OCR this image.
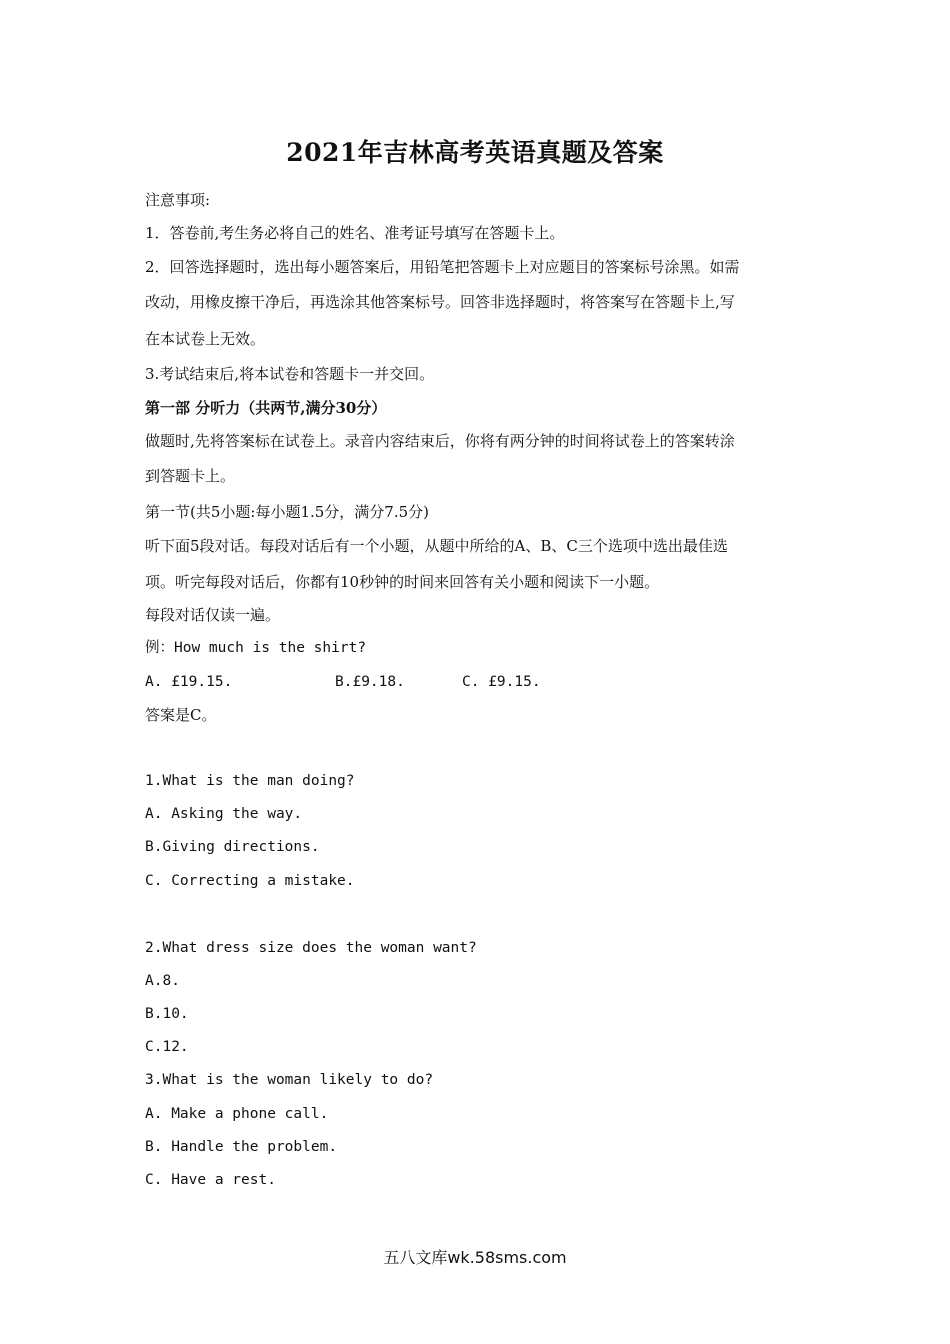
2021年吉林高考英语真题及答案
注意事项:
1．答卷前,考生务必将自己的姓名、准考证号填写在答题卡上。
2．回答选择题时，选出每小题答案后，用铅笔把答题卡上对应题目的答案标号涂黑。如需
改动，用橡皮擦干净后，再选涂其他答案标号。回答非选择题时，将答案写在答题卡上,写
在本试卷上无效。
3.考试结束后,将本试卷和答题卡一并交回。
第一部 分听力（共两节,满分30分）
做题时,先将答案标在试卷上。录音内容结束后，你将有两分钟的时间将试卷上的答案转涂
到答题卡上。
第一节(共5小题:每小题1.5分，满分7.5分)
听下面5段对话。每段对话后有一个小题，从题中所给的A、B、C三个选项中选出最佳选
项。听完每段对话后，你都有10秒钟的时间来回答有关小题和阅读下一小题。
每段对话仅读一遍。
例：How much is the shirt?
A. £19.15.	B.£9.18.	C. £9.15.
答案是C。
1.What is the man doing?
A. Asking the way.
B.Giving directions.
C. Correcting a mistake.
2.What dress size does the woman want?
A.8.
B.10.
C.12.
3.What is the woman likely to do?
A. Make a phone call.
B. Handle the problem.
C. Have a rest.
五八文库wk.58sms.com
